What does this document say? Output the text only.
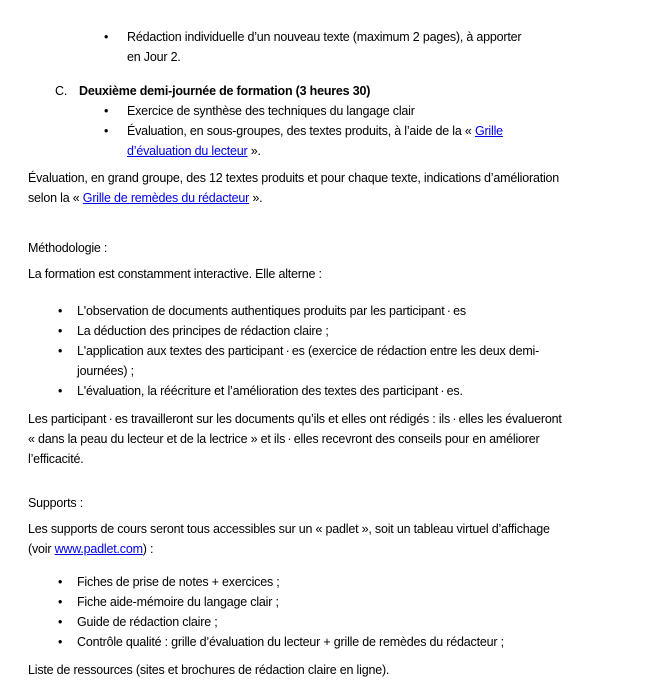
•
Rédaction individuelle d’un nouveau texte (maximum 2 pages), à apporter
en Jour 2.
C. Deuxième demi-journée de formation (3 heures 30)
•
Exercice de synthèse des techniques du langage clair
•
Évaluation, en sous-groupes, des textes produits, à l’aide de la « Grille
d’évaluation du lecteur ».
Évaluation, en grand groupe, des 12 textes produits et pour chaque texte, indications d’amélioration
selon la « Grille de remèdes du rédacteur ».
Méthodologie :
La formation est constamment interactive. Elle alterne :
•
L'observation de documents authentiques produits par les participant · es
•
La déduction des principes de rédaction claire ;
•
L'application aux textes des participant · es (exercice de rédaction entre les deux demi-
journées) ;
•
L'évaluation, la réécriture et l’amélioration des textes des participant · es.
Les participant · es travailleront sur les documents qu’ils et elles ont rédigés : ils · elles les évalueront
« dans la peau du lecteur et de la lectrice » et ils · elles recevront des conseils pour en améliorer
l’efficacité.
Supports :
Les supports de cours seront tous accessibles sur un « padlet », soit un tableau virtuel d’affichage
(voir www.padlet.com) :
•
Fiches de prise de notes + exercices ;
•
Fiche aide-mémoire du langage clair ;
•
Guide de rédaction claire ;
•
Contrôle qualité : grille d’évaluation du lecteur + grille de remèdes du rédacteur ;
Liste de ressources (sites et brochures de rédaction claire en ligne).
